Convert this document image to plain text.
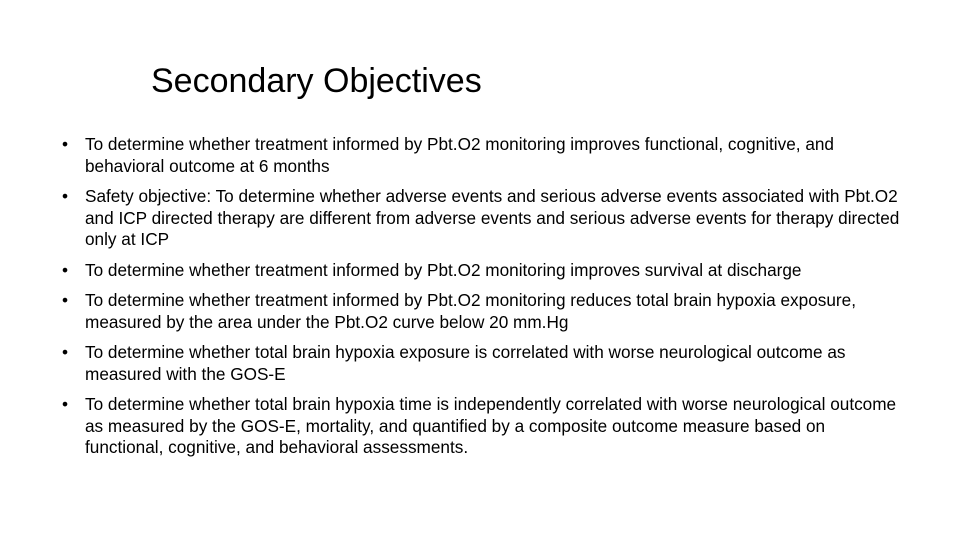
Secondary Objectives
• To determine whether treatment informed by Pbt.O2 monitoring improves functional, cognitive, and behavioral outcome at 6 months
• Safety objective: To determine whether adverse events and serious adverse events associated with Pbt.O2 and ICP directed therapy are different from adverse events and serious adverse events for therapy directed only at ICP
• To determine whether treatment informed by Pbt.O2 monitoring improves survival at discharge
• To determine whether treatment informed by Pbt.O2 monitoring reduces total brain hypoxia exposure, measured by the area under the Pbt.O2 curve below 20 mm.Hg
• To determine whether total brain hypoxia exposure is correlated with worse neurological outcome as measured with the GOS-E
• To determine whether total brain hypoxia time is independently correlated with worse neurological outcome as measured by the GOS-E, mortality, and quantified by a composite outcome measure based on functional, cognitive, and behavioral assessments.
